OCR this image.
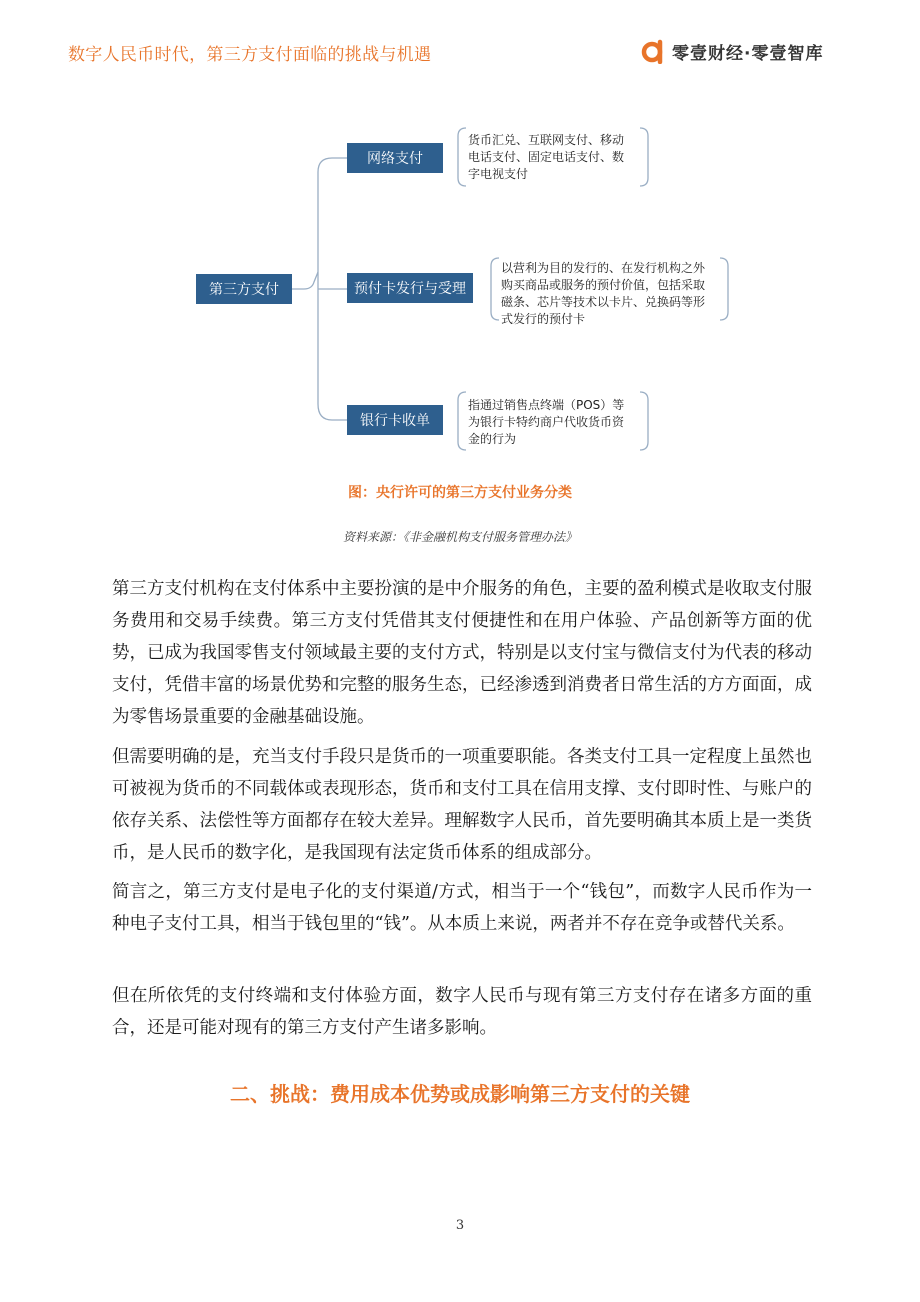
数字人民币时代，第三方支付面临的挑战与机遇	零壹财经·零壹智库
第三方支付
网络支付
预付卡发行与受理
银行卡收单
货币汇兑、互联网支付、移动
电话支付、固定电话支付、数
字电视支付
以营利为目的发行的、在发行机构之外
购买商品或服务的预付价值，包括采取
磁条、芯片等技术以卡片、兑换码等形
式发行的预付卡
指通过销售点终端（POS）等
为银行卡特约商户代收货币资
金的行为
图：央行许可的第三方支付业务分类
资料来源：《非金融机构支付服务管理办法》

第三方支付机构在支付体系中主要扮演的是中介服务的角色，主要的盈利模式是收取支付服务费用和交易手续费。第三方支付凭借其支付便捷性和在用户体验、产品创新等方面的优势，已成为我国零售支付领域最主要的支付方式，特别是以支付宝与微信支付为代表的移动支付，凭借丰富的场景优势和完整的服务生态，已经渗透到消费者日常生活的方方面面，成为零售场景重要的金融基础设施。

但需要明确的是，充当支付手段只是货币的一项重要职能。各类支付工具一定程度上虽然也可被视为货币的不同载体或表现形态，货币和支付工具在信用支撑、支付即时性、与账户的依存关系、法偿性等方面都存在较大差异。理解数字人民币，首先要明确其本质上是一类货币，是人民币的数字化，是我国现有法定货币体系的组成部分。

简言之，第三方支付是电子化的支付渠道/方式，相当于一个“钱包”，而数字人民币作为一种电子支付工具，相当于钱包里的“钱”。从本质上来说，两者并不存在竞争或替代关系。

但在所依凭的支付终端和支付体验方面，数字人民币与现有第三方支付存在诸多方面的重合，还是可能对现有的第三方支付产生诸多影响。

二、挑战：费用成本优势或成影响第三方支付的关键
3
